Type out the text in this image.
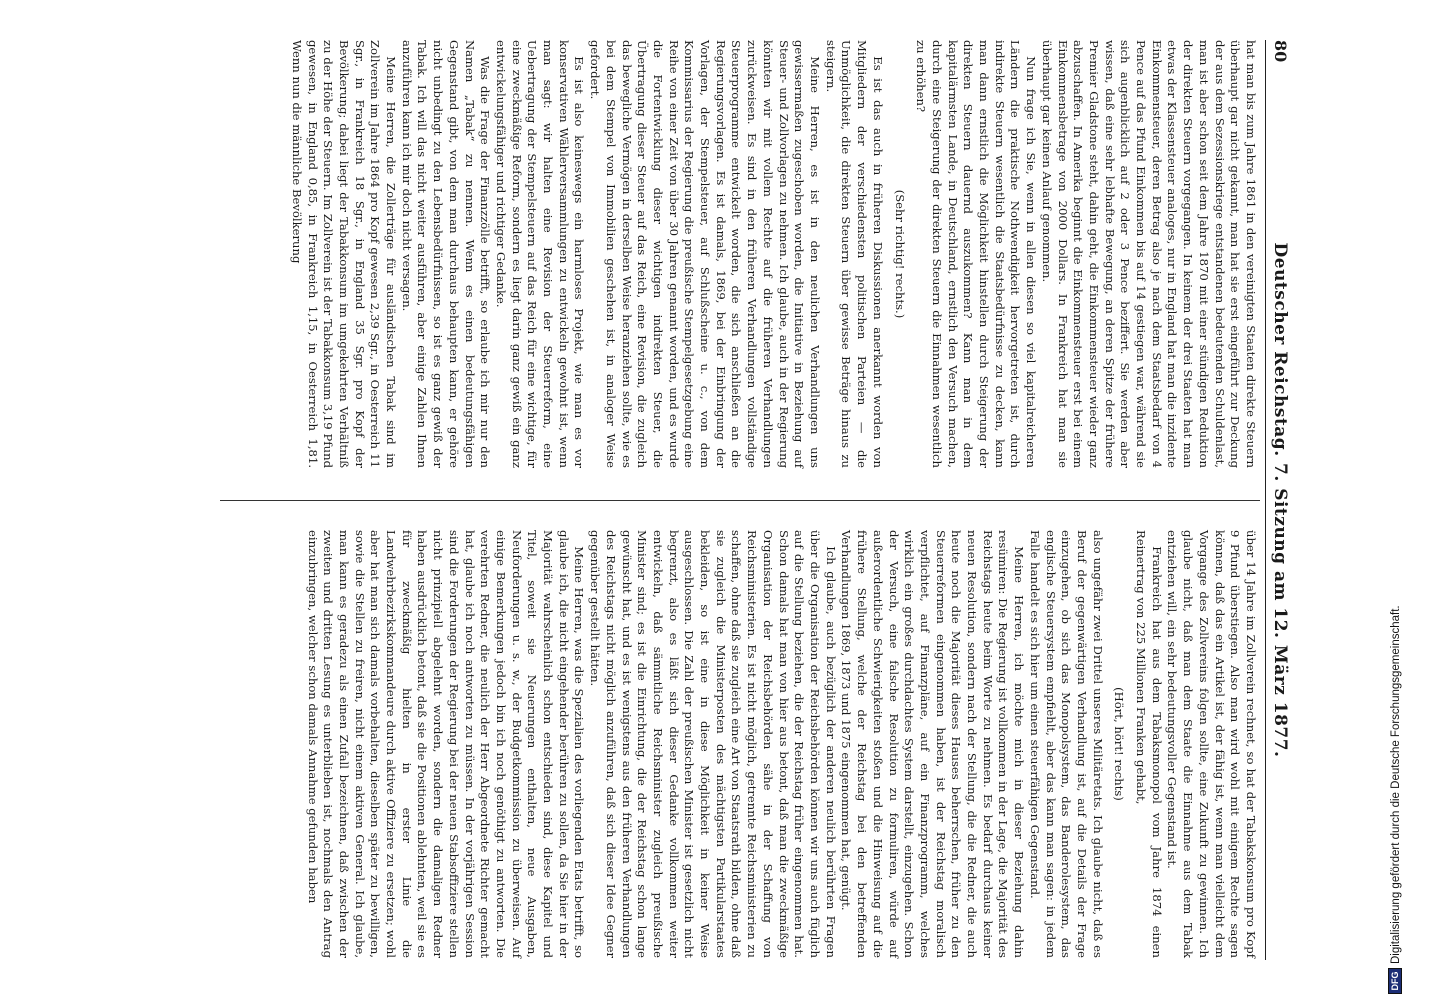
80
Deutscher Reichstag. 7. Sitzung am 12. März 1877.

hat man bis zum Jahre 1861 in den vereinigten Staaten direkte Steuern überhaupt gar nicht gekannt, man hat sie erst eingeführt zur Deckung der aus dem Sezessionskriege entstandenen bedeutenden Schuldenlast, man ist aber schon seit dem Jahre 1870 mit einer stündigen Reduktion der direkten Steuern vorgegangen. In keinem der drei Staaten hat man etwas der Klassensteuer analoges, nur in England hat man die inzidente Einkommensteuer, deren Betrag also je nach dem Staatsbedarf von 4 Pence auf das Pfund Einkommen bis auf 14 gestiegen war, während sie sich augenblicklich auf 2 oder 3 Pence beziffert. Sie werden aber wissen, daß eine sehr lebhafte Bewegung, an deren Spitze der frühere Premier Gladstone steht, dahin geht, die Einkommensteuer wieder ganz abzuschaffen. In Amerika beginnt die Einkommensteuer erst bei einem Einkommensbetrage von 2000 Dollars. In Frankreich hat man sie überhaupt gar keinen Anlauf genommen.

Nun frage ich Sie, wenn in allen diesen so viel kapitalreicheren Ländern die praktische Nothwendigkeit hervorgetreten ist, durch indirekte Steuern wesentlich die Staatsbedürfnisse zu decken, kann man dann ernstlich die Möglichkeit hinstellen durch Steigerung der direkten Steuern dauernd auszukommen? Kann man in dem kapitalärmsten Lande, in Deutschland, ernstlich den Versuch machen, durch eine Steigerung der direkten Steuern die Einnahmen wesentlich zu erhöhen?

(Sehr richtig! rechts.)

Es ist das auch in früheren Diskussionen anerkannt worden von Mitgliedern der verschiedensten politischen Parteien — die Unmöglichkeit, die direkten Steuern über gewisse Beträge hinaus zu steigern.

Meine Herren, es ist in den neulichen Verhandlungen uns gewissermaßen zugeschoben worden, die Initiative in Beziehung auf Steuer- und Zollvorlagen zu nehmen. Ich glaube, auch in der Regierung könnten wir mit vollem Rechte auf die früheren Verhandlungen zurückweisen. Es sind in den früheren Verhandlungen vollständige Steuerprogramme entwickelt worden, die sich anschließen an die Regierungsvorlagen. Es ist damals, 1869, bei der Einbringung der Vorlagen, der Stempelsteuer, auf Schlußscheine u. c., von dem Kommissarius der Regierung die preußische Stempelgesetzgebung eine Reihe von einer Zeit von über 30 Jahren genannt worden, und es wurde die Fortentwicklung dieser wichtigen indirekten Steuer, die Übertragung dieser Steuer auf das Reich, eine Revision, die zugleich das bewegliche Vermögen in derselben Weise heranziehen sollte, wie es bei dem Stempel von Immobilien geschehen ist, in analoger Weise gefordert.

Es ist also keineswegs ein harmloses Projekt, wie man es vor konservativen Wählerversammlungen zu entwickeln gewohnt ist, wenn man sagt: wir halten eine Revision der Steuerreform, eine Uebertragung der Stempelsteuern auf das Reich für eine wichtige, für eine zweckmäßige Reform, sondern es liegt darin ganz gewiß ein ganz entwickelungsfähiger und richtiger Gedanke.

Was die Frage der Finanzzölle betrifft, so erlaube ich mir nur den Namen „Tabak“ zu nennen. Wenn es einen bedeutungsfähigen Gegenstand gibt, von dem man durchaus behaupten kann, er gehöre nicht unbedingt zu den Lebensbedürfnissen, so ist es ganz gewiß der Tabak. Ich will das nicht weiter ausführen, aber einige Zahlen Ihnen anzuführen kann ich mir doch nicht versagen.

Meine Herren, die Zollerträge für ausländischen Tabak sind im Zollverein im Jahre 1864 pro Kopf gewesen 2,39 Sgr., in Oesterreich 11 Sgr., in Frankreich 18 Sgr., in England 35 Sgr. pro Kopf der Bevölkerung; dabei liegt der Tabakkonsum im umgekehrten Verhältniß zu der Höhe der Steuern. Im Zollverein ist der Tabakkonsum 3,19 Pfund gewesen, in England 0,85, in Frankreich 1,15, in Oesterreich 1,81. Wenn nun die männliche Bevölkerung

über 14 Jahre im Zollverein rechnet, so hat der Tabakskonsum pro Kopf 9 Pfund überstiegen. Also man wird wohl mit einigem Rechte sagen können, daß das ein Artikel ist, der fähig ist, wenn man vielleicht dem Vorgange des Zollvereins folgen sollte, eine Zukunft zu gewinnen. Ich glaube nicht, daß man dem Staate die Einnahme aus dem Tabak entziehen will, ein sehr bedeutungsvoller Gegenstand ist.

Frankreich hat aus dem Tabaksmonopol vom Jahre 1874 einen Reinertrag von 225 Millionen Franken gehabt,

(Hört, hört! rechts)

also ungefähr zwei Drittel unseres Militäretats. Ich glaube nicht, daß es Beruf der gegenwärtigen Verhandlung ist, auf die Details der Frage einzugehen, ob sich das Monopolsystem, das Banderolesystem, das englische Steuersystem empfiehlt, aber das kann man sagen: in jedem Falle handelt es sich hier um einen steuerfähigen Gegenstand.

Meine Herren, ich möchte mich in dieser Beziehung dahin resümiren: Die Regierung ist vollkommen in der Lage, die Majorität des Reichstags heute beim Worte zu nehmen. Es bedarf durchaus keiner neuen Resolution, sondern nach der Stellung, die die Redner, die auch heute noch die Majorität dieses Hauses beherrschen, früher zu den Steuerreformen eingenommen haben, ist der Reichstag moralisch verpflichtet, auf Finanzpläne, auf ein Finanzprogramm, welches wirklich ein großes durchdachtes System darstellt, einzugehen. Schon der Versuch, eine falsche Resolution zu formuliren, würde auf außerordentliche Schwierigkeiten stoßen und die Hinweisung auf die frühere Stellung, welche der Reichstag bei den betreffenden Verhandlungen 1869, 1873 und 1875 eingenommen hat, genügt.

Ich glaube, auch bezüglich der anderen neulich berührten Fragen über die Organisation der Reichsbehörden können wir uns auch füglich auf die Stellung beziehen, die der Reichstag früher eingenommen hat. Schon damals hat man von hier aus betont, daß man die zweckmäßige Organisation der Reichsbehörden sähe in der Schaffung von Reichsministerien. Es ist nicht möglich, getrennte Reichsministerien zu schaffen, ohne daß sie zugleich eine Art von Staatsrath bilden, ohne daß sie zugleich die Ministerposten des mächtigsten Partikularstaates bekleiden, so ist eine in diese Möglichkeit in keiner Weise ausgeschlossen. Die Zahl der preußischen Minister ist gesetzlich nicht begrenzt, also es läßt sich dieser Gedanke vollkommen weiter entwickeln, daß sämmtliche Reichsminister zugleich preußische Minister sind; es ist die Einrichtung, die der Reichstag schon lange gewünscht hat, und es ist wenigstens aus den früheren Verhandlungen des Reichstags nicht möglich anzuführen, daß sich dieser Idee Gegner gegenüber gestellt hätten.

Meine Herren, was die Spezialien des vorliegenden Etats betrifft, so glaube ich, die nicht eingehender berühren zu sollen, da Sie hier in der Majorität wahrscheinlich schon entschieden sind, diese Kapitel und Titel, soweit sie Neuerungen enthalten, neue Ausgaben, Neuforderungen u. s. w., der Budgetkommission zu überweisen. Auf einige Bemerkungen jedoch bin ich noch genöthigt zu antworten. Die verehrten Redner, die neulich der Herr Abgeordnete Richter gemacht hat, glaube ich noch antworten zu müssen. In der vorjährigen Session sind die Forderungen der Regierung bei der neuen Stabsoffiziere stellen nicht prinzipiell abgelehnt worden, sondern die damaligen Redner haben ausdrücklich betont, daß sie die Positionen ablehnten, weil sie es für zweckmäßig hielten in erster Linie die Landwehrbezirkskommandeure durch aktive Offiziere zu ersetzen; wohl aber hat man sich damals vorbehalten, dieselben später zu bewilligen, sowie die Stellen zu freiren, nicht einem aktiven General. Ich glaube, man kann es geradezu als einen Zufall bezeichnen, daß zwischen der zweiten und dritten Lesung es unterblieben ist, nochmals den Antrag einzubringen, welcher schon damals Annahme gefunden haben	Digitalisierung gefördert durch die Deutsche Forschungsgemeinschaft.
DFG
